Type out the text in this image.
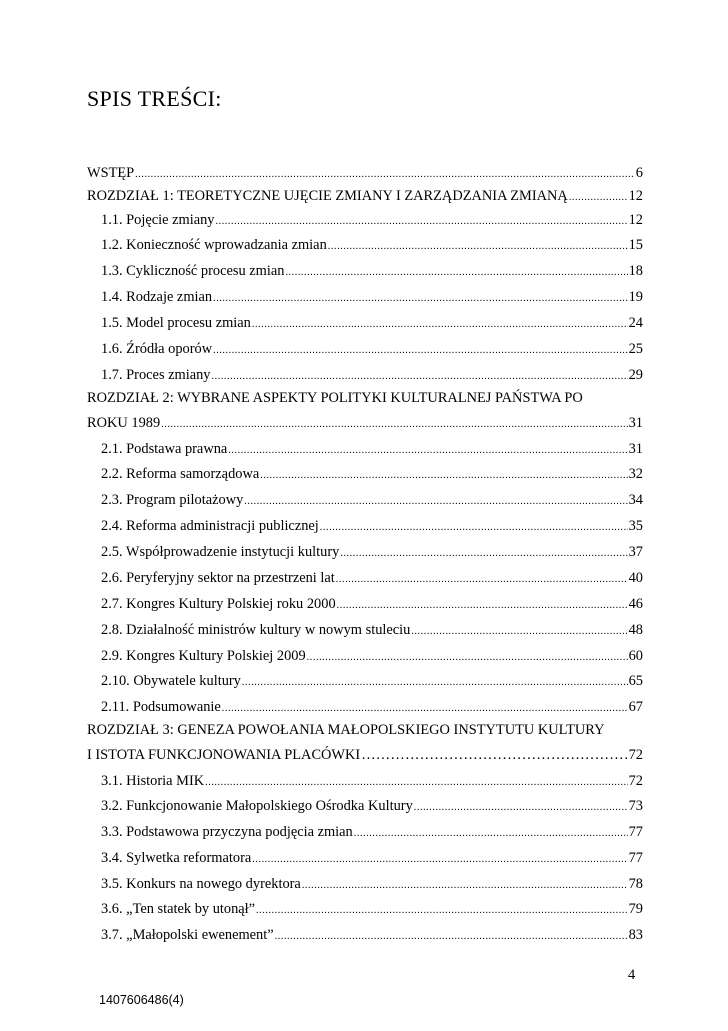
SPIS TREŚCI:
WSTĘP .....	6
ROZDZIAŁ 1: TEORETYCZNE UJĘCIE ZMIANY I ZARZĄDZANIA ZMIANĄ .....	12
1.1. Pojęcie zmiany .....	12
1.2. Konieczność wprowadzania zmian .....	15
1.3. Cykliczność procesu zmian .....	18
1.4. Rodzaje zmian .....	19
1.5. Model procesu zmian .....	24
1.6. Źródła oporów .....	25
1.7. Proces zmiany .....	29
ROZDZIAŁ 2: WYBRANE ASPEKTY POLITYKI KULTURALNEJ PAŃSTWA PO
ROKU 1989 .....	31
2.1. Podstawa prawna .....	31
2.2. Reforma samorządowa .....	32
2.3. Program pilotażowy .....	34
2.4. Reforma administracji publicznej .....	35
2.5. Współprowadzenie instytucji kultury .....	37
2.6. Peryferyjny sektor na przestrzeni lat .....	40
2.7. Kongres Kultury Polskiej roku 2000 .....	46
2.8. Działalność ministrów kultury w nowym stuleciu .....	48
2.9. Kongres Kultury Polskiej 2009 .....	60
2.10. Obywatele kultury .....	65
2.11. Podsumowanie .....	67
ROZDZIAŁ 3: GENEZA POWOŁANIA MAŁOPOLSKIEGO INSTYTUTU KULTURY
I ISTOTA FUNKCJONOWANIA PLACÓWKI ……………………………………………………………………………………	72
3.1. Historia MIK .....	72
3.2. Funkcjonowanie Małopolskiego Ośrodka Kultury .....	73
3.3. Podstawowa przyczyna podjęcia zmian .....	77
3.4. Sylwetka reformatora .....	77
3.5. Konkurs na nowego dyrektora .....	78
3.6. „Ten statek by utonął” .....	79
3.7. „Małopolski ewenement” .....	83
4
1407606486(4)
